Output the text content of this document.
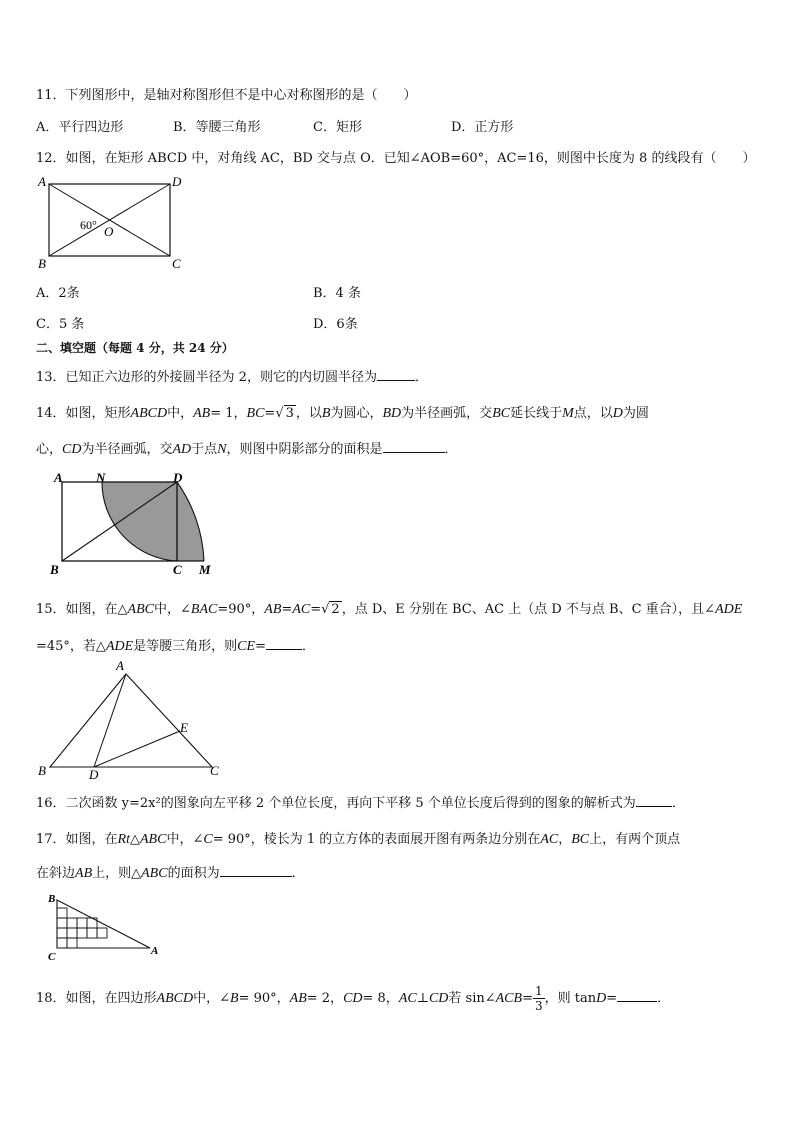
11．下列图形中，是轴对称图形但不是中心对称图形的是（　　）
A．平行四边形	B．等腰三角形	C．矩形	D．正方形
12．如图，在矩形 ABCD 中，对角线 AC，BD 交与点 O．已知∠AOB=60°，AC=16，则图中长度为 8 的线段有（　　）
A	D
B	C
O
60°
A．2条	B．4 条
C．5 条	D．6条
二、填空题（每题 4 分，共 24 分）
13．已知正六边形的外接圆半径为 2，则它的内切圆半径为	．
14．如图，矩形ABCD中，AB= 1，BC=√ 3 ，以B为圆心，BD为半径画弧，交BC延长线于M点，以D为圆
心，CD为半径画弧，交AD于点N，则图中阴影部分的面积是	．
A	N	D
B	C M
15．如图，在△ABC中，∠BAC=90°，AB=AC=√ 2 ，点 D、E 分别在 BC、AC 上（点 D 不与点 B、C 重合），且∠ADE
=45°，若△ADE是等腰三角形，则CE=	．
A
B	C
D
E
16．二次函数 y=2x²的图象向左平移 2 个单位长度，再向下平移 5 个单位长度后得到的图象的解析式为	．
17．如图，在Rt△ABC中，∠C= 90°，棱长为 1 的立方体的表面展开图有两条边分别在AC，BC上，有两个顶点
在斜边AB上，则△ABC的面积为	．
B
C	A
18．如图，在四边形ABCD中，∠B= 90°，AB= 2，CD= 8，AC⊥CD若 sin∠ACB= $\frac{1}{3}$ ，则 tanD=	．
